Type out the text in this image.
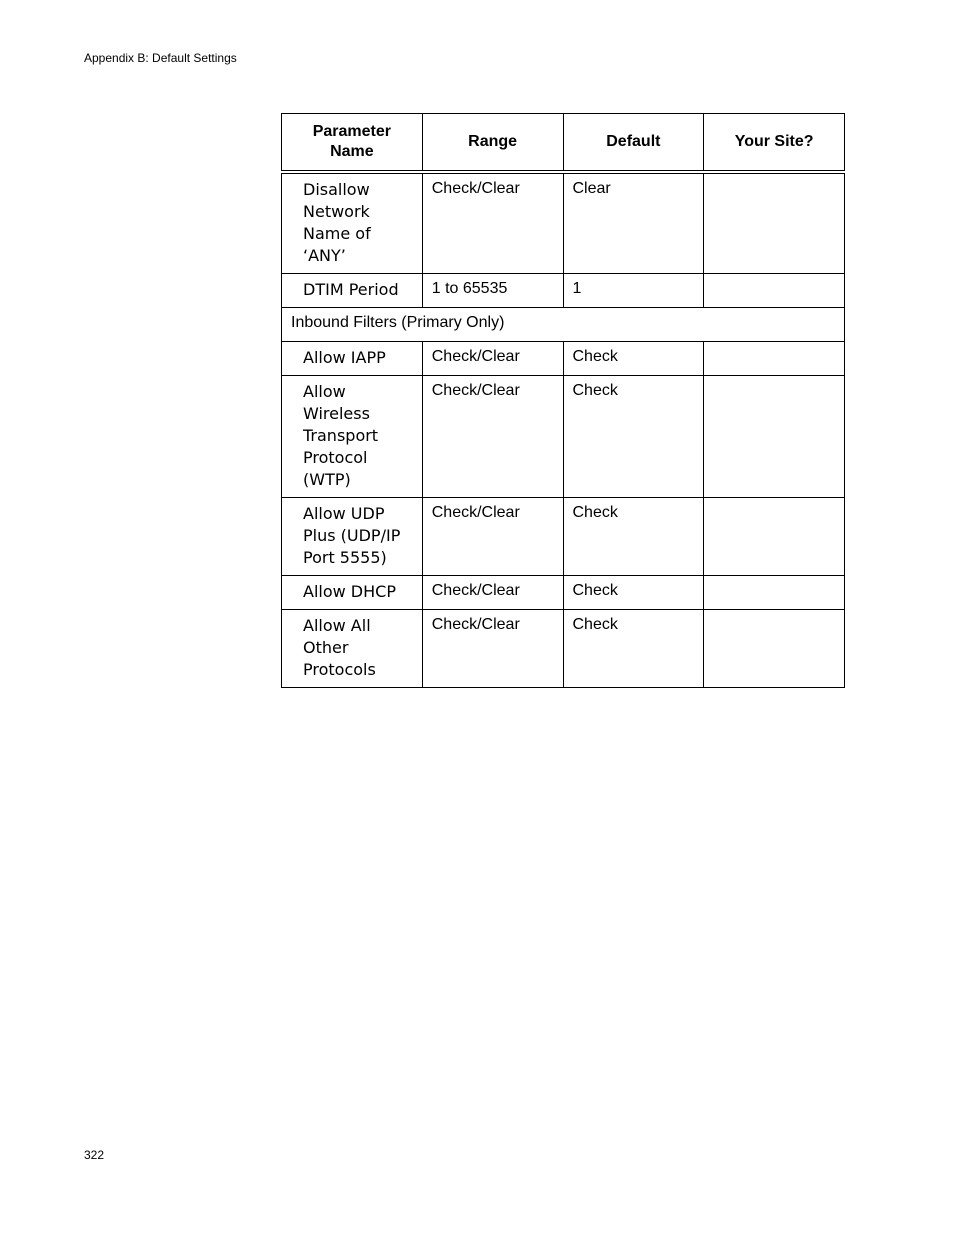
Appendix B: Default Settings
Parameter Name	Range	Default	Your Site?

Disallow Network Name of ‘ANY’	Check/Clear	Clear	
DTIM Period	1 to 65535	1	
Inbound Filters (Primary Only)			
Allow IAPP	Check/Clear	Check	

Allow Wireless Transport Protocol (WTP)	Check/Clear	Check	

Allow UDP Plus (UDP/IP Port 5555)	Check/Clear	Check	
Allow DHCP	Check/Clear	Check	

Allow All Other Protocols	Check/Clear	Check	
322
